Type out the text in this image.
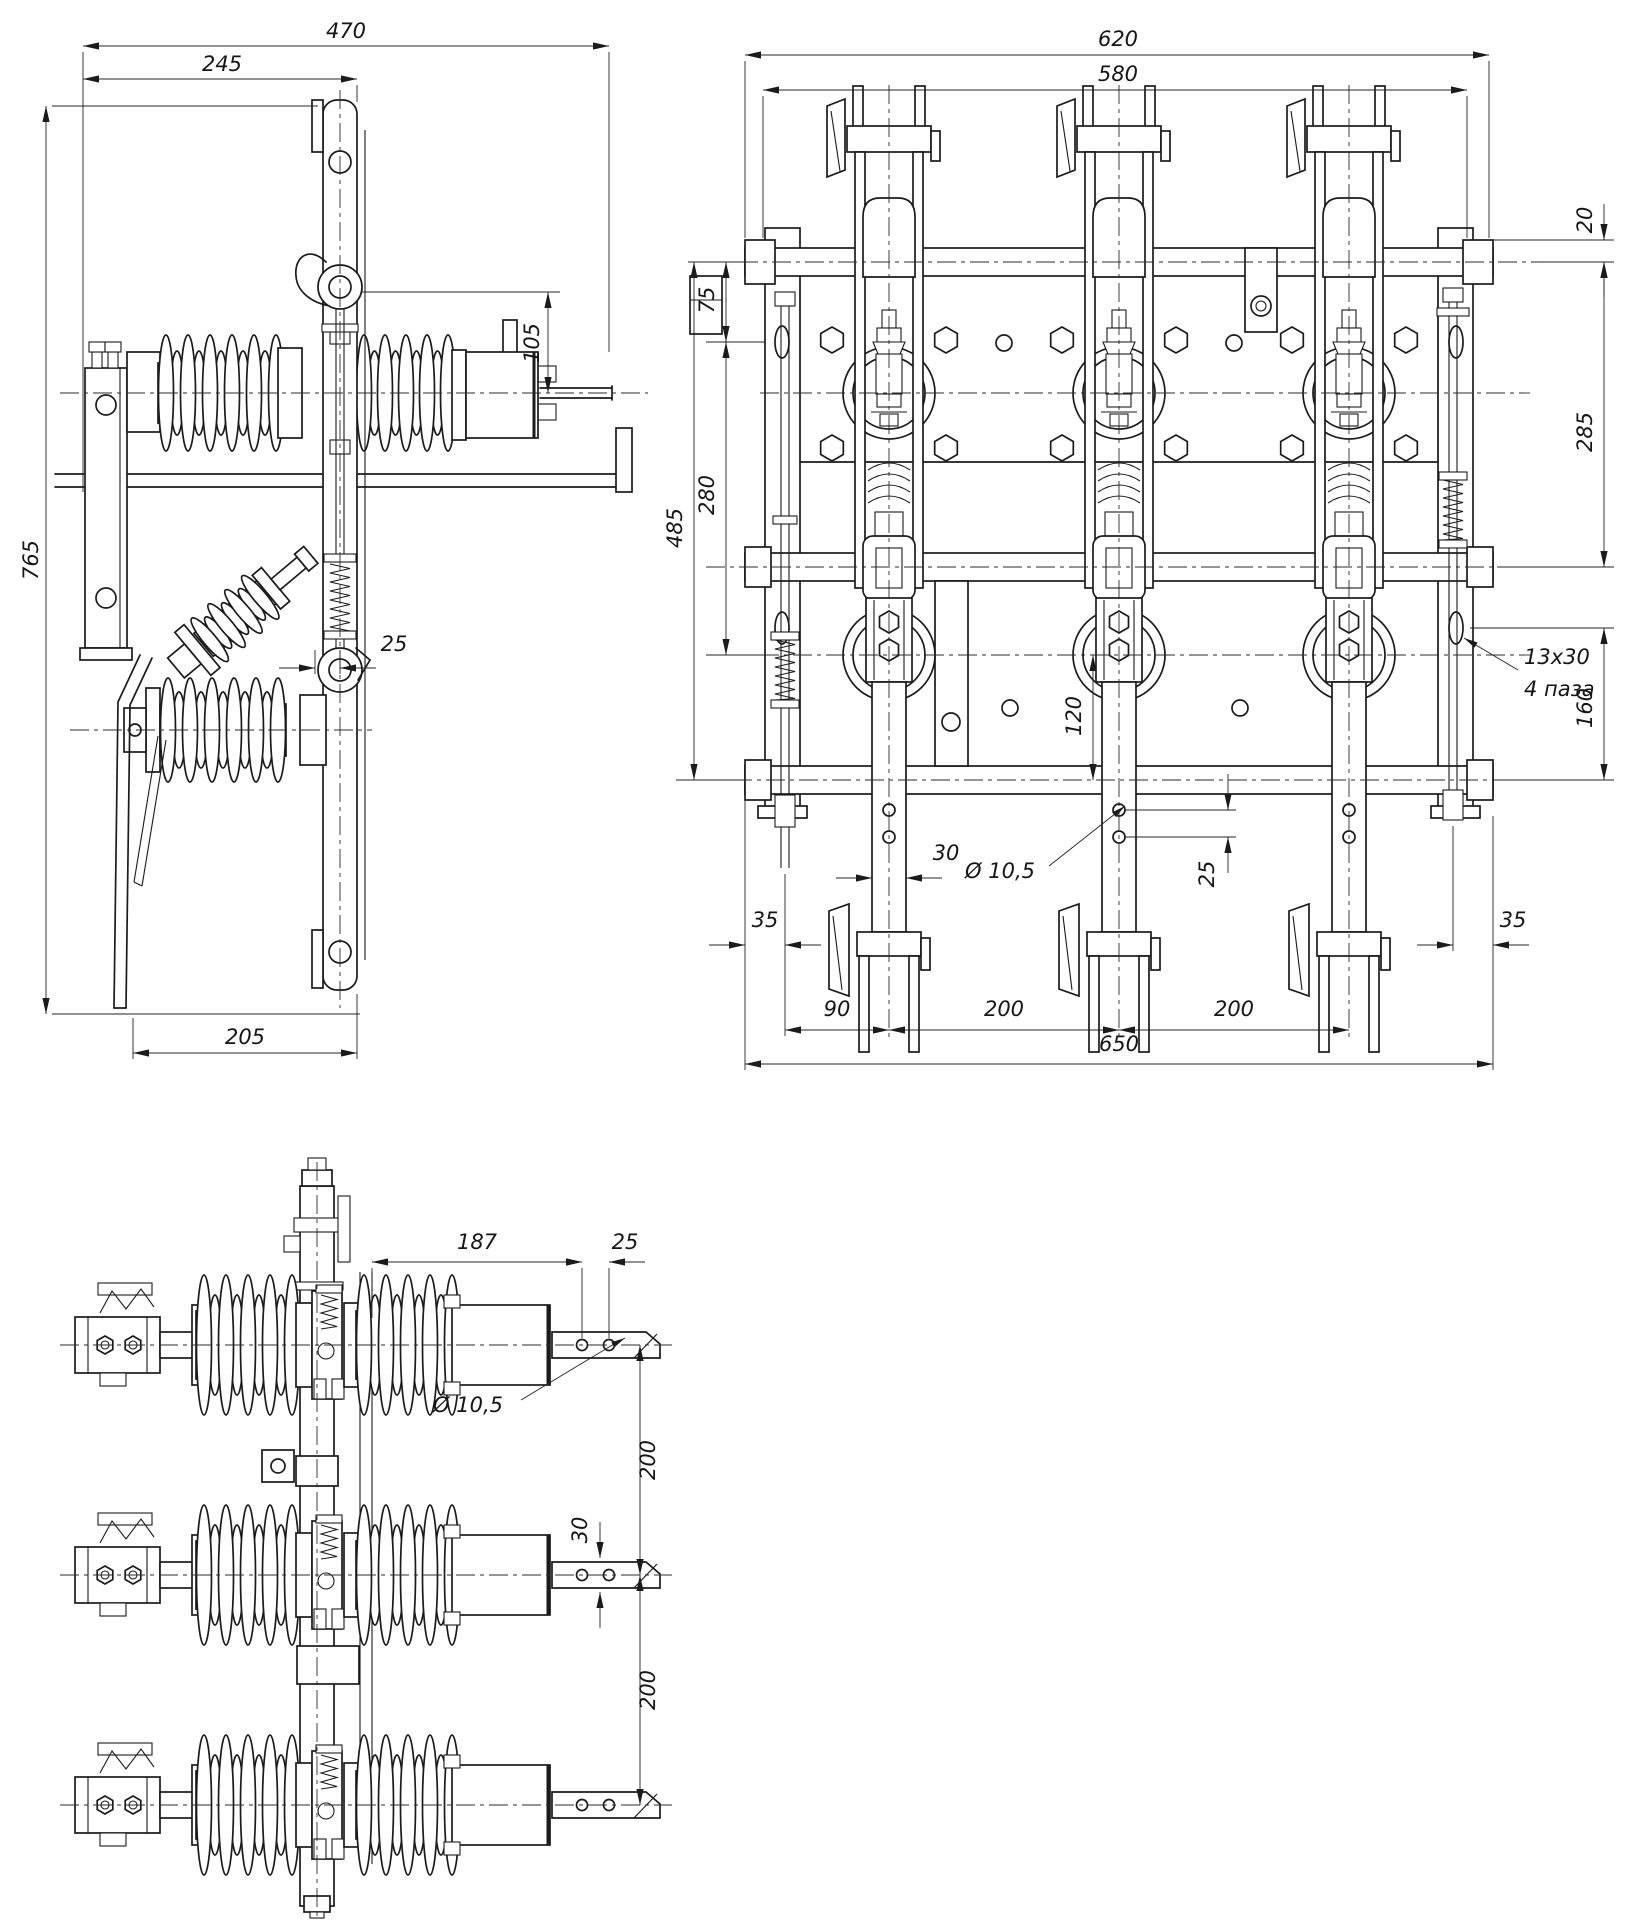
470
245
765
105
25
205
620
580
20
75
285
280
485
160
120
30
Ø 10,5	25
35	35
90	200	200
650
13x30
4 паза
187	25
Ø 10,5
200
30
200
